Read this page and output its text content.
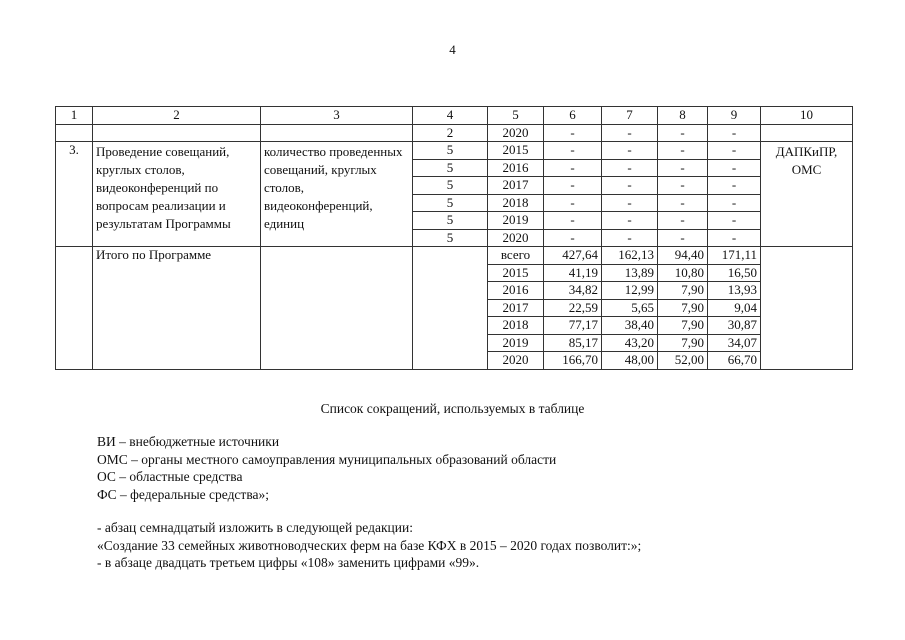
4
1	2	3	4	5	6	7	8	9	10
			2	2020	-	-	-	-	
3.	Проведение совещаний, круглых столов, видеоконференций по вопросам реализации и результатам Программы	количество проведенных совещаний, круглых столов, видеоконференций, единиц	5	2015	-	-	-	-	ДАПКиПР, ОМС
			5	2016	-	-	-	-	
			5	2017	-	-	-	-	
			5	2018	-	-	-	-	
			5	2019	-	-	-	-	
			5	2020	-	-	-	-	
	Итого по Программе			всего	427,64	162,13	94,40	171,11	
				2015	41,19	13,89	10,80	16,50	
				2016	34,82	12,99	7,90	13,93	
				2017	22,59	5,65	7,90	9,04	
				2018	77,17	38,40	7,90	30,87	
				2019	85,17	43,20	7,90	34,07	
				2020	166,70	48,00	52,00	66,70	
Список сокращений, используемых в таблице
ВИ – внебюджетные источники
ОМС – органы местного самоуправления муниципальных образований области
ОС – областные средства
ФС – федеральные средства»;
- абзац семнадцатый изложить в следующей редакции:
«Создание 33 семейных животноводческих ферм на базе КФХ в 2015 – 2020 годах позволит:»;
- в абзаце двадцать третьем цифры «108» заменить цифрами «99».
